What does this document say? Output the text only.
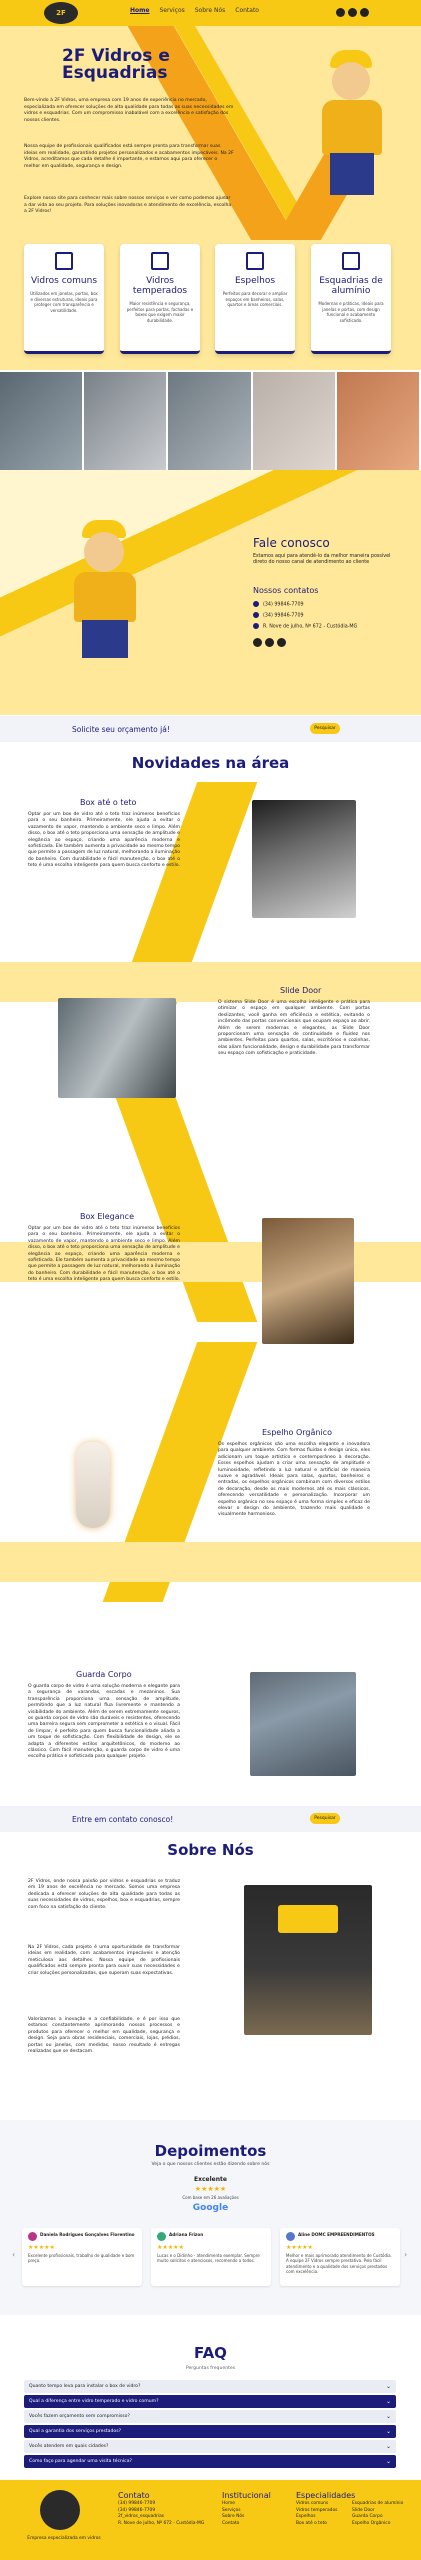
2F	Home Serviços Sobre Nós Contato
2F Vidros e Esquadrias
Bem-vindo à 2F Vidros, uma empresa com 19 anos de experiência no mercado, especializada em oferecer soluções de alta qualidade para todas as suas necessidades em vidros e esquadrias. Com um compromisso inabalável com a excelência e satisfação dos nossos clientes.
Nossa equipe de profissionais qualificados está sempre pronta para transformar suas ideias em realidade, garantindo projetos personalizados e acabamentos impecáveis. Na 2F Vidros, acreditamos que cada detalhe é importante, e estamos aqui para oferecer o melhor em qualidade, segurança e design.
Explore nosso site para conhecer mais sobre nossos serviços e ver como podemos ajudar a dar vida ao seu projeto. Para soluções inovadoras e atendimento de excelência, escolha a 2F Vidros!
Vidros comuns
Utilizados em janelas, portas, box e diversas estruturas, ideais para proteger com transparência e versatilidade.
Vidros temperados
Maior resistência e segurança, perfeitos para portas, fachadas e boxes que exigem maior durabilidade.
Espelhos
Perfeitos para decorar e ampliar espaços em banheiros, salas, quartos e áreas comerciais.
Esquadrias de alumínio
Modernas e práticas, ideais para janelas e portas, com design funcional e acabamento sofisticado.
Fale conosco
Estamos aqui para atendê-lo da melhor maneira possível direto do nosso canal de atendimento ao cliente
Nossos contatos
(34) 99846-7709
(34) 99846-7709
R. Nove de julho, Nº 672 - Custódia-MG
Solicite seu orçamento já!	Pesquisar
Novidades na área
Box até o teto
Optar por um box de vidro até o teto traz inúmeros benefícios para o seu banheiro. Primeiramente, ele ajuda a evitar o vazamento de vapor, mantendo o ambiente seco e limpo. Além disso, o box até o teto proporciona uma sensação de amplitude e elegância ao espaço, criando uma aparência moderna e sofisticada. Ele também aumenta a privacidade ao mesmo tempo que permite a passagem de luz natural, melhorando a iluminação do banheiro. Com durabilidade e fácil manutenção, o box até o teto é uma escolha inteligente para quem busca conforto e estilo.
Slide Door
O sistema Slide Door é uma escolha inteligente e prática para otimizar o espaço em qualquer ambiente. Com portas deslizantes, você ganha em eficiência e estética, evitando o incômodo das portas convencionais que ocupam espaço ao abrir. Além de serem modernas e elegantes, as Slide Door proporcionam uma sensação de continuidade e fluidez nos ambientes. Perfeitas para quartos, salas, escritórios e cozinhas, elas aliam funcionalidade, design e durabilidade para transformar seu espaço com sofisticação e praticidade.
Box Elegance
Optar por um box de vidro até o teto traz inúmeros benefícios para o seu banheiro. Primeiramente, ele ajuda a evitar o vazamento de vapor, mantendo o ambiente seco e limpo. Além disso, o box até o teto proporciona uma sensação de amplitude e elegância ao espaço, criando uma aparência moderna e sofisticada. Ele também aumenta a privacidade ao mesmo tempo que permite a passagem de luz natural, melhorando a iluminação do banheiro. Com durabilidade e fácil manutenção, o box até o teto é uma escolha inteligente para quem busca conforto e estilo.
Espelho Orgânico
Os espelhos orgânicos são uma escolha elegante e inovadora para qualquer ambiente. Com formas fluidas e design único, eles adicionam um toque artístico e contemporâneo à decoração. Esses espelhos ajudam a criar uma sensação de amplitude e luminosidade, refletindo a luz natural e artificial de maneira suave e agradável. Ideais para salas, quartos, banheiros e entradas, os espelhos orgânicos combinam com diversos estilos de decoração, desde os mais modernos até os mais clássicos, oferecendo versatilidade e personalização. Incorporar um espelho orgânico no seu espaço é uma forma simples e eficaz de elevar o design do ambiente, trazendo mais qualidade e visualmente harmonioso.
Guarda Corpo
O guarda corpo de vidro é uma solução moderna e elegante para a segurança de varandas, escadas e mezaninos. Sua transparência proporciona uma sensação de amplitude, permitindo que a luz natural flua livremente e mantendo a visibilidade do ambiente. Além de serem extremamente seguros, os guarda corpos de vidro são duráveis e resistentes, oferecendo uma barreira segura sem comprometer a estética e o visual. Fácil de limpar, é perfeito para quem busca funcionalidade aliada a um toque de sofisticação. Com flexibilidade de design, ele se adapta a diferentes estilos arquitetônicos, do moderno ao clássico. Com fácil manutenção, o guarda corpo de vidro é uma escolha prática e sofisticada para qualquer projeto.
Entre em contato conosco!	Pesquisar
Sobre Nós
2F Vidros, onde nossa paixão por vidros e esquadrias se traduz em 19 anos de excelência no mercado. Somos uma empresa dedicada a oferecer soluções de alta qualidade para todas as suas necessidades de vidros, espelhos, box e esquadrias, sempre com foco na satisfação do cliente.
Na 2F Vidros, cada projeto é uma oportunidade de transformar ideias em realidade, com acabamentos impecáveis e atenção meticulosa aos detalhes. Nossa equipe de profissionais qualificados está sempre pronta para ouvir suas necessidades e criar soluções personalizadas, que superam suas expectativas.
Valorizamos a inovação e a confiabilidade, e é por isso que estamos constantemente aprimorando nossos processos e produtos para oferecer o melhor em qualidade, segurança e design. Seja para obras residenciais, comerciais, lojas, prédios, portas ou janelas, com medidas, nosso resultado é entregas realizadas que se destacam.
Depoimentos
Veja o que nossos clientes estão dizendo sobre nós
Excelente
★★★★★
Com base em 26 avaliações
Google
‹	›
Daniela Rodrigues Gonçalves Florentino
★★★★★
Excelente profissionais, trabalho de qualidade e bom preço.
Adriana Frizon
★★★★★
Lucas e o Didinho - atendimento exemplar. Sempre muito solícitos e atenciosos, recomendo a todos.
Aline DOMC EMPREENDIMENTOS
★★★★★
Melhor e mais aprimorado atendimento de Custódia. A equipe 2F Vidros sempre prestativa. Pelo fácil atendimento e a qualidade dos serviços prestados com excelência.
FAQ
Perguntas frequentes
Quanto tempo leva para instalar o box de vidro?	⌄
Qual a diferença entre vidro temperado e vidro comum?	⌄
Vocês fazem orçamento sem compromisso?	⌄
Qual a garantia dos serviços prestados?	⌄
Vocês atendem em quais cidades?	⌄
Como faço para agendar uma visita técnica?	⌄
Empresa especializada em vidros
Contato
(34) 99846-7709
(34) 99846-7709
2f_vidros_esquadrias
R. Nove de julho, Nº 672 - Custódia-MG
Institucional
Home
Serviços
Sobre Nós
Contato
Especialidades
Vidros comuns
Vidros temperados
Espelhos
Box até o teto
Esquadrias de alumínio
Slide Door
Guarda Corpo
Espelho Orgânico
